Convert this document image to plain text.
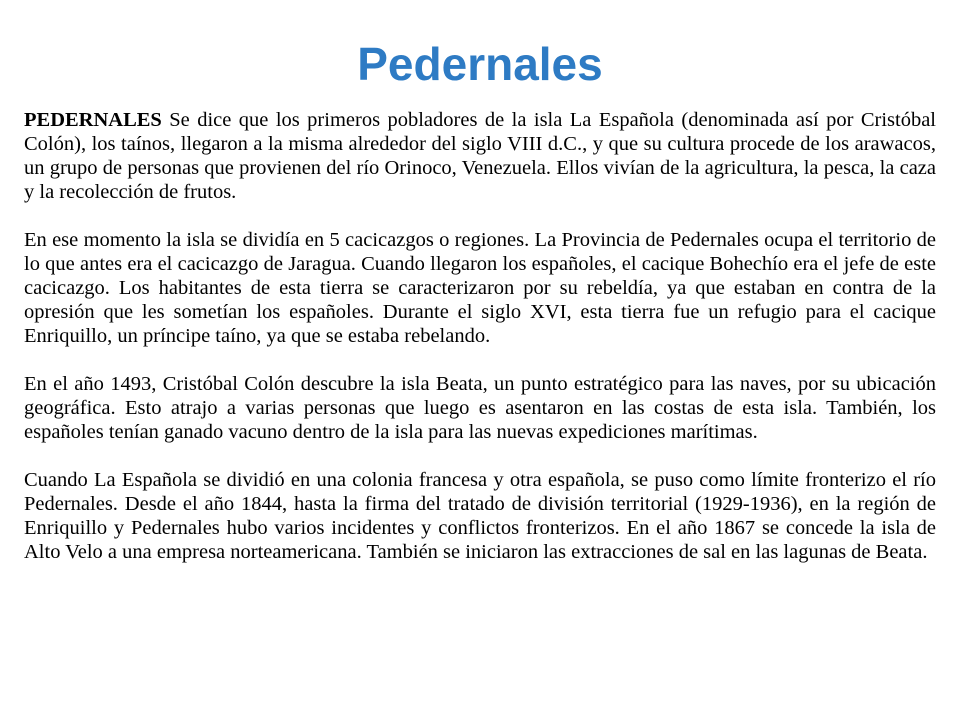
Pedernales

PEDERNALES Se dice que los primeros pobladores de la isla La Española (denominada así por Cristóbal Colón), los taínos, llegaron a la misma alrededor del siglo VIII d.C., y que su cultura procede de los arawacos, un grupo de personas que provienen del río Orinoco, Venezuela. Ellos vivían de la agricultura, la pesca, la caza y la recolección de frutos.

En ese momento la isla se dividía en 5 cacicazgos o regiones. La Provincia de Pedernales ocupa el territorio de lo que antes era el cacicazgo de Jaragua. Cuando llegaron los españoles, el cacique Bohechío era el jefe de este cacicazgo. Los habitantes de esta tierra se caracterizaron por su rebeldía, ya que estaban en contra de la opresión que les sometían los españoles. Durante el siglo XVI, esta tierra fue un refugio para el cacique Enriquillo, un príncipe taíno, ya que se estaba rebelando.

En el año 1493, Cristóbal Colón descubre la isla Beata, un punto estratégico para las naves, por su ubicación geográfica. Esto atrajo a varias personas que luego es asentaron en las costas de esta isla. También, los españoles tenían ganado vacuno dentro de la isla para las nuevas expediciones marítimas.

Cuando La Española se dividió en una colonia francesa y otra española, se puso como límite fronterizo el río Pedernales. Desde el año 1844, hasta la firma del tratado de división territorial (1929-1936), en la región de Enriquillo y Pedernales hubo varios incidentes y conflictos fronterizos. En el año 1867 se concede la isla de Alto Velo a una empresa norteamericana. También se iniciaron las extracciones de sal en las lagunas de Beata.
